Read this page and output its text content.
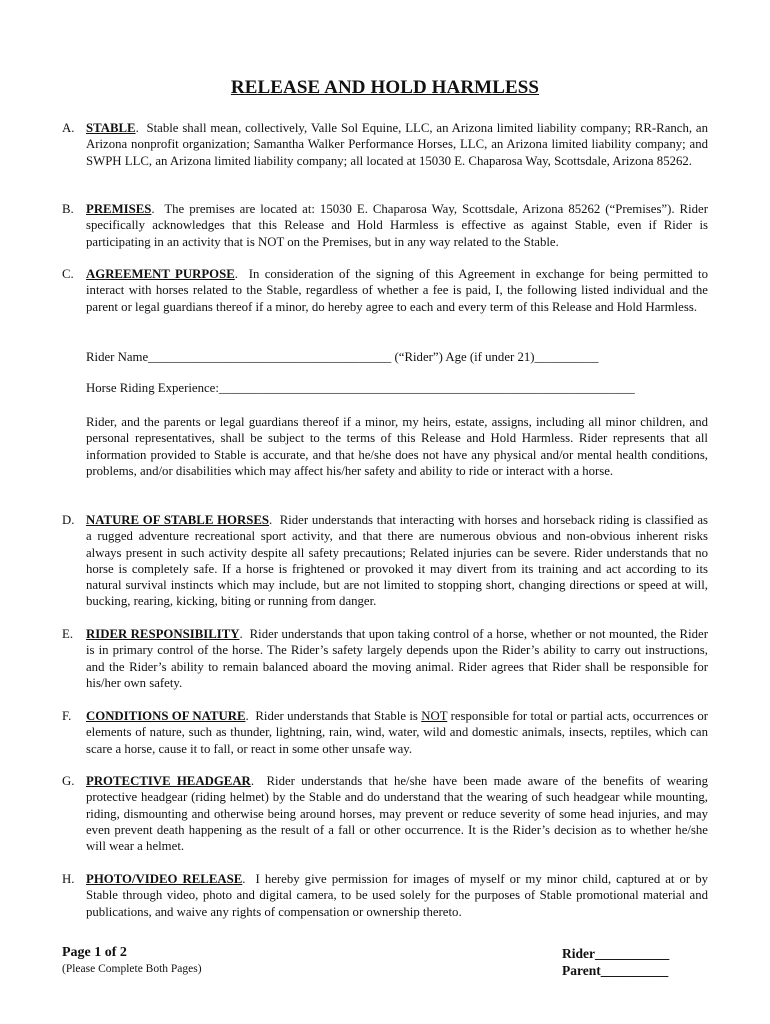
RELEASE AND HOLD HARMLESS
A. STABLE.  Stable shall mean, collectively, Valle Sol Equine, LLC, an Arizona limited liability company; RR-Ranch, an Arizona nonprofit organization; Samantha Walker Performance Horses, LLC, an Arizona limited liability company; and SWPH LLC, an Arizona limited liability company; all located at 15030 E. Chaparosa Way, Scottsdale, Arizona 85262.
B. PREMISES.  The premises are located at: 15030 E. Chaparosa Way, Scottsdale, Arizona 85262 (“Premises”). Rider specifically acknowledges that this Release and Hold Harmless is effective as against Stable, even if Rider is participating in an activity that is NOT on the Premises, but in any way related to the Stable.
C. AGREEMENT PURPOSE.  In consideration of the signing of this Agreement in exchange for being permitted to interact with horses related to the Stable, regardless of whether a fee is paid, I, the following listed individual and the parent or legal guardians thereof if a minor, do hereby agree to each and every term of this Release and Hold Harmless.
Rider Name______________________________________ (“Rider”) Age (if under 21)__________
Horse Riding Experience:_________________________________________________________________
Rider, and the parents or legal guardians thereof if a minor, my heirs, estate, assigns, including all minor children, and personal representatives, shall be subject to the terms of this Release and Hold Harmless. Rider represents that all information provided to Stable is accurate, and that he/she does not have any physical and/or mental health conditions, problems, and/or disabilities which may affect his/her safety and ability to ride or interact with a horse.
D. NATURE OF STABLE HORSES.  Rider understands that interacting with horses and horseback riding is classified as a rugged adventure recreational sport activity, and that there are numerous obvious and non-obvious inherent risks always present in such activity despite all safety precautions; Related injuries can be severe. Rider understands that no horse is completely safe. If a horse is frightened or provoked it may divert from its training and act according to its natural survival instincts which may include, but are not limited to stopping short, changing directions or speed at will, bucking, rearing, kicking, biting or running from danger.
E. RIDER RESPONSIBILITY.  Rider understands that upon taking control of a horse, whether or not mounted, the Rider is in primary control of the horse. The Rider’s safety largely depends upon the Rider’s ability to carry out instructions, and the Rider’s ability to remain balanced aboard the moving animal. Rider agrees that Rider shall be responsible for his/her own safety.
F. CONDITIONS OF NATURE.  Rider understands that Stable is NOT responsible for total or partial acts, occurrences or elements of nature, such as thunder, lightning, rain, wind, water, wild and domestic animals, insects, reptiles, which can scare a horse, cause it to fall, or react in some other unsafe way.
G. PROTECTIVE HEADGEAR.  Rider understands that he/she have been made aware of the benefits of wearing protective headgear (riding helmet) by the Stable and do understand that the wearing of such headgear while mounting, riding, dismounting and otherwise being around horses, may prevent or reduce severity of some head injuries, and may even prevent death happening as the result of a fall or other occurrence. It is the Rider’s decision as to whether he/she will wear a helmet.
H. PHOTO/VIDEO RELEASE.  I hereby give permission for images of myself or my minor child, captured at or by Stable through video, photo and digital camera, to be used solely for the purposes of Stable promotional material and publications, and waive any rights of compensation or ownership thereto.
Page 1 of 2
(Please Complete Both Pages)
Rider___________
Parent__________
